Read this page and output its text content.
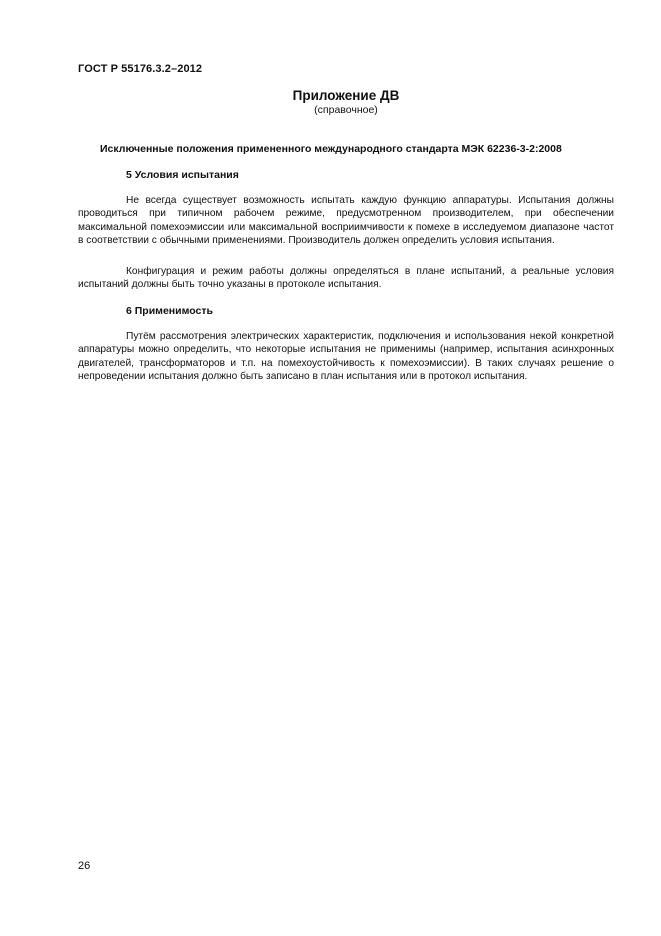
ГОСТ Р 55176.3.2–2012
Приложение ДВ
(справочное)
Исключенные положения примененного международного стандарта МЭК 62236-3-2:2008
5 Условия испытания

Не всегда существует возможность испытать каждую функцию аппаратуры. Испытания должны проводиться при типичном рабочем режиме, предусмотренном производителем, при обеспечении максимальной помехоэмиссии или максимальной восприимчивости к помехе в исследуемом диапазоне частот в соответствии с обычными применениями. Производитель должен определить условия испытания.

Конфигурация и режим работы должны определяться в плане испытаний, а реальные условия испытаний должны быть точно указаны в протоколе испытания.

6 Применимость

Путём рассмотрения электрических характеристик, подключения и использования некой конкретной аппаратуры можно определить, что некоторые испытания не применимы (например, испытания асинхронных двигателей, трансформаторов и т.п. на помехоустойчивость к помехоэмиссии). В таких случаях решение о непроведении испытания должно быть записано в план испытания или в протокол испытания.

26
